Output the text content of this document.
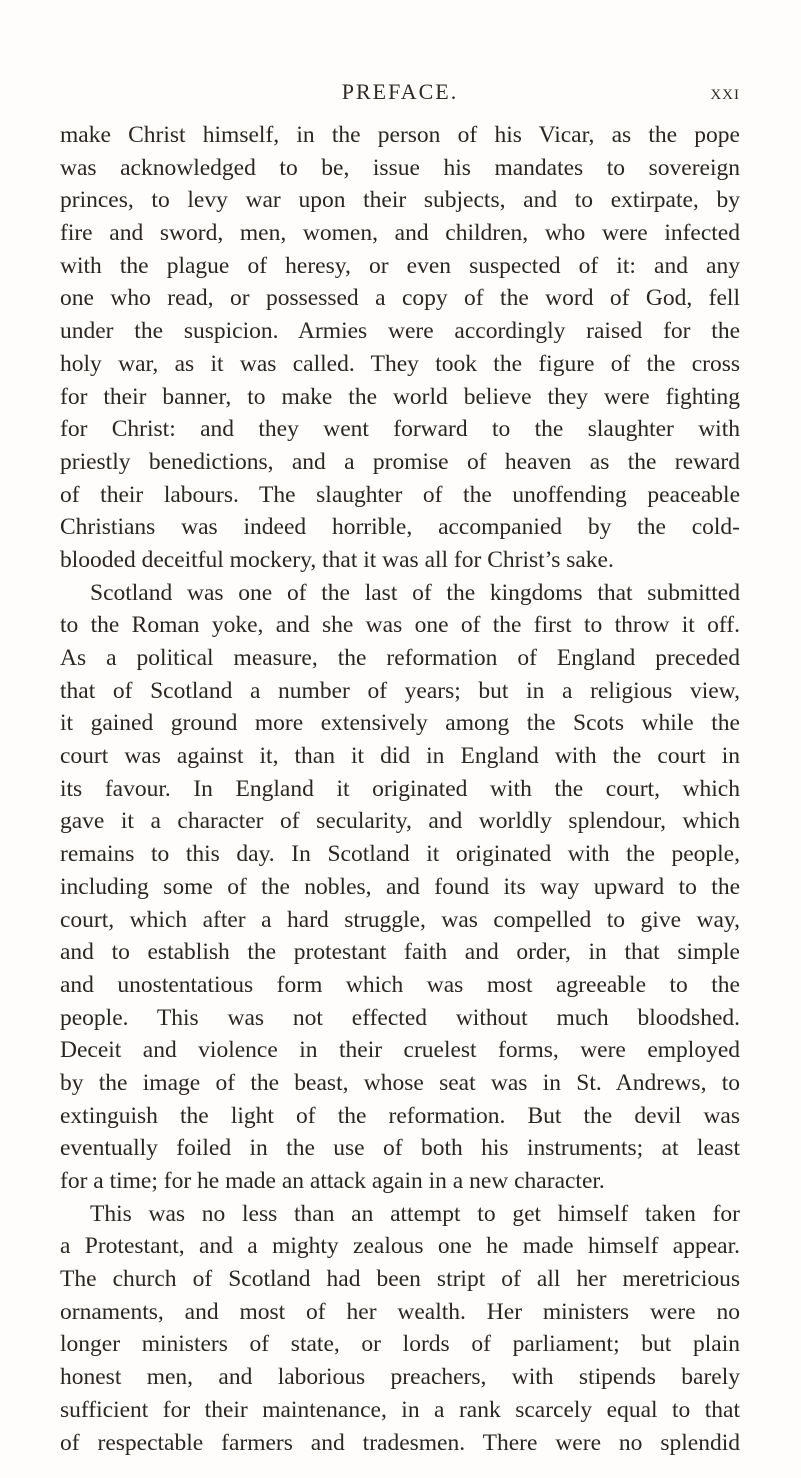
PREFACE.	xxi
make Christ himself, in the person of his Vicar, as the pope
was acknowledged to be, issue his mandates to sovereign
princes, to levy war upon their subjects, and to extirpate, by
fire and sword, men, women, and children, who were infected
with the plague of heresy, or even suspected of it: and any
one who read, or possessed a copy of the word of God, fell
under the suspicion. Armies were accordingly raised for the
holy war, as it was called. They took the figure of the cross
for their banner, to make the world believe they were fighting
for Christ: and they went forward to the slaughter with
priestly benedictions, and a promise of heaven as the reward
of their labours. The slaughter of the unoffending peaceable
Christians was indeed horrible, accompanied by the cold-
blooded deceitful mockery, that it was all for Christ’s sake.
Scotland was one of the last of the kingdoms that submitted
to the Roman yoke, and she was one of the first to throw it off.
As a political measure, the reformation of England preceded
that of Scotland a number of years; but in a religious view,
it gained ground more extensively among the Scots while the
court was against it, than it did in England with the court in
its favour. In England it originated with the court, which
gave it a character of secularity, and worldly splendour, which
remains to this day. In Scotland it originated with the people,
including some of the nobles, and found its way upward to the
court, which after a hard struggle, was compelled to give way,
and to establish the protestant faith and order, in that simple
and unostentatious form which was most agreeable to the
people. This was not effected without much bloodshed.
Deceit and violence in their cruelest forms, were employed
by the image of the beast, whose seat was in St. Andrews, to
extinguish the light of the reformation. But the devil was
eventually foiled in the use of both his instruments; at least
for a time; for he made an attack again in a new character.
This was no less than an attempt to get himself taken for
a Protestant, and a mighty zealous one he made himself appear.
The church of Scotland had been stript of all her meretricious
ornaments, and most of her wealth. Her ministers were no
longer ministers of state, or lords of parliament; but plain
honest men, and laborious preachers, with stipends barely
sufficient for their maintenance, in a rank scarcely equal to that
of respectable farmers and tradesmen. There were no splendid
